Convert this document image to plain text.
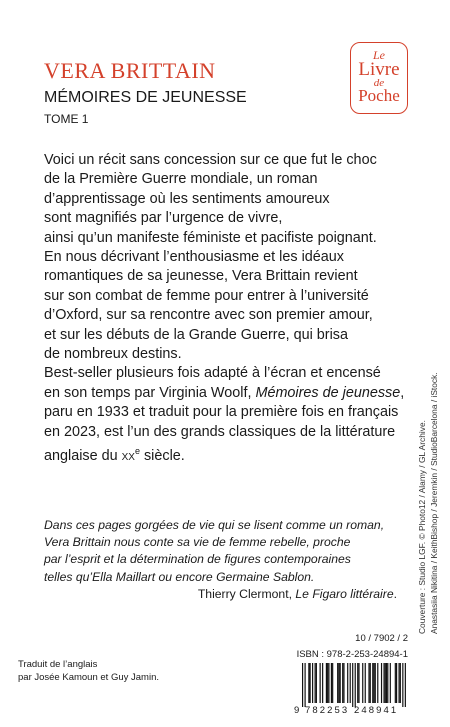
VERA BRITTAIN
MÉMOIRES DE JEUNESSE
TOME 1
Le
Livre
de
Poche
Voici un récit sans concession sur ce que fut le choc
de la Première Guerre mondiale, un roman
d’apprentissage où les sentiments amoureux
sont magnifiés par l’urgence de vivre,
ainsi qu’un manifeste féministe et pacifiste poignant.
En nous décrivant l’enthousiasme et les idéaux
romantiques de sa jeunesse, Vera Brittain revient
sur son combat de femme pour entrer à l’université
d’Oxford, sur sa rencontre avec son premier amour,
et sur les débuts de la Grande Guerre, qui brisa
de nombreux destins.
Best-seller plusieurs fois adapté à l’écran et encensé
en son temps par Virginia Woolf, Mémoires de jeunesse,
paru en 1933 et traduit pour la première fois en français
en 2023, est l’un des grands classiques de la littérature
anglaise du $xx^e$ siècle.
Dans ces pages gorgées de vie qui se lisent comme un roman,
Vera Brittain nous conte sa vie de femme rebelle, proche
par l’esprit et la détermination de figures contemporaines
telles qu’Ella Maillart ou encore Germaine Sablon.
Thierry Clermont, Le Figaro littéraire. Couverture : Studio LGF. © Photo12 / Alamy / GL Archive. Anastasiia Nikitina / KeithBishop / Jeremkin / StudioBarcelona / iStock.
Traduit de l’anglais
par Josée Kamoun et Guy Jamin.
10 / 7902 / 2
ISBN : 978-2-253-24894-1
9 782253 248941
